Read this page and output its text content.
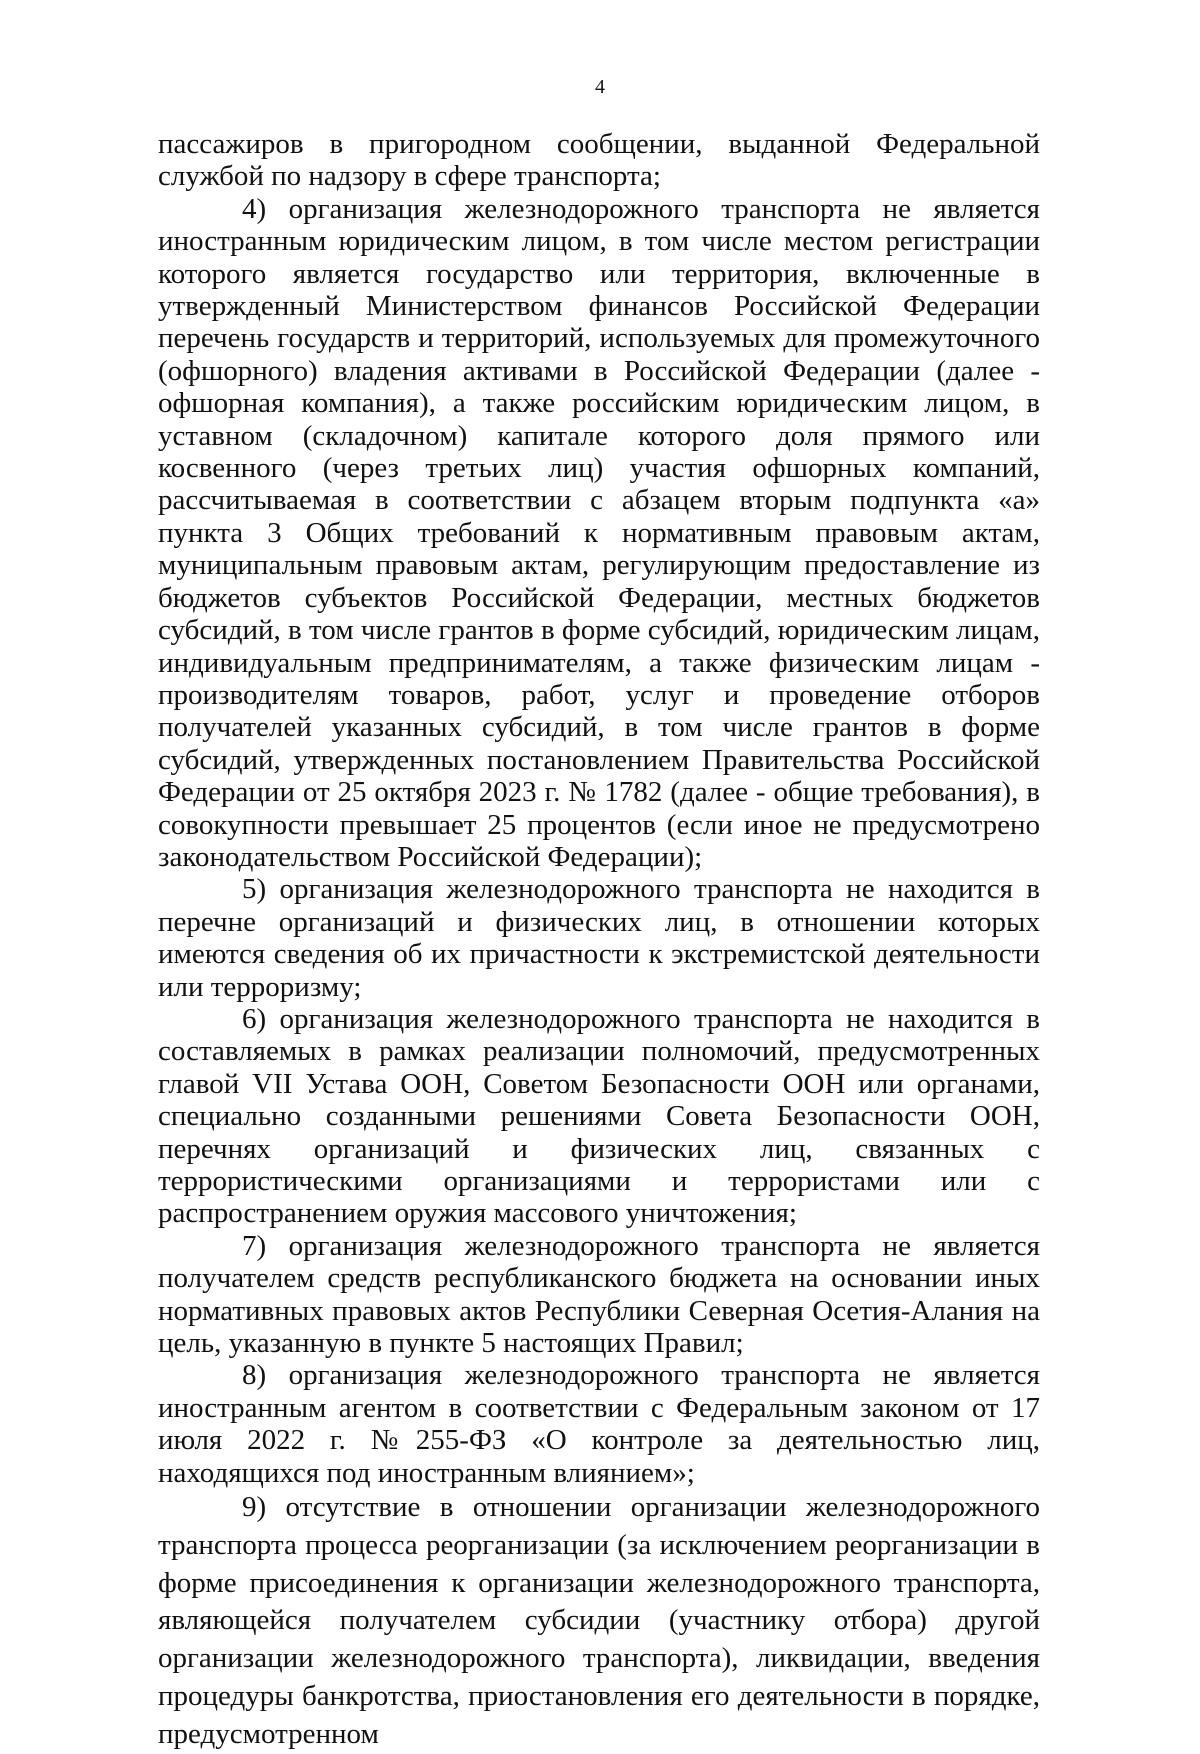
4

пассажиров в пригородном сообщении, выданной Федеральной службой по надзору в сфере транспорта;

4) организация железнодорожного транспорта не является иностранным юридическим лицом, в том числе местом регистрации которого является государство или территория, включенные в утвержденный Министерством финансов Российской Федерации перечень государств и территорий, используемых для промежуточного (офшорного) владения активами в Российской Федерации (далее - офшорная компания), а также российским юридическим лицом, в уставном (складочном) капитале которого доля прямого или косвенного (через третьих лиц) участия офшорных компаний, рассчитываемая в соответствии с абзацем вторым подпункта «а» пункта 3 Общих требований к нормативным правовым актам, муниципальным правовым актам, регулирующим предоставление из бюджетов субъектов Российской Федерации, местных бюджетов субсидий, в том числе грантов в форме субсидий, юридическим лицам, индивидуальным предпринимателям, а также физическим лицам - производителям товаров, работ, услуг и проведение отборов получателей указанных субсидий, в том числе грантов в форме субсидий, утвержденных постановлением Правительства Российской Федерации от 25 октября 2023 г. № 1782 (далее - общие требования), в совокупности превышает 25 процентов (если иное не предусмотрено законодательством Российской Федерации);

5) организация железнодорожного транспорта не находится в перечне организаций и физических лиц, в отношении которых имеются сведения об их причастности к экстремистской деятельности или терроризму;

6) организация железнодорожного транспорта не находится в составляемых в рамках реализации полномочий, предусмотренных главой VII Устава ООН, Советом Безопасности ООН или органами, специально созданными решениями Совета Безопасности ООН, перечнях организаций и физических лиц, связанных с террористическими организациями и террористами или с распространением оружия массового уничтожения;

7) организация железнодорожного транспорта не является получателем средств республиканского бюджета на основании иных нормативных правовых актов Республики Северная Осетия-Алания на цель, указанную в пункте 5 настоящих Правил;

8) организация железнодорожного транспорта не является иностранным агентом в соответствии с Федеральным законом от 17 июля 2022 г. №255-ФЗ «О контроле за деятельностью лиц, находящихся под иностранным влиянием»;

9) отсутствие в отношении организации железнодорожного транспорта процесса реорганизации (за исключением реорганизации в форме присоединения к организации железнодорожного транспорта, являющейся получателем субсидии (участнику отбора) другой организации железнодорожного транспорта), ликвидации, введения процедуры банкротства, приостановления его деятельности в порядке, предусмотренном
